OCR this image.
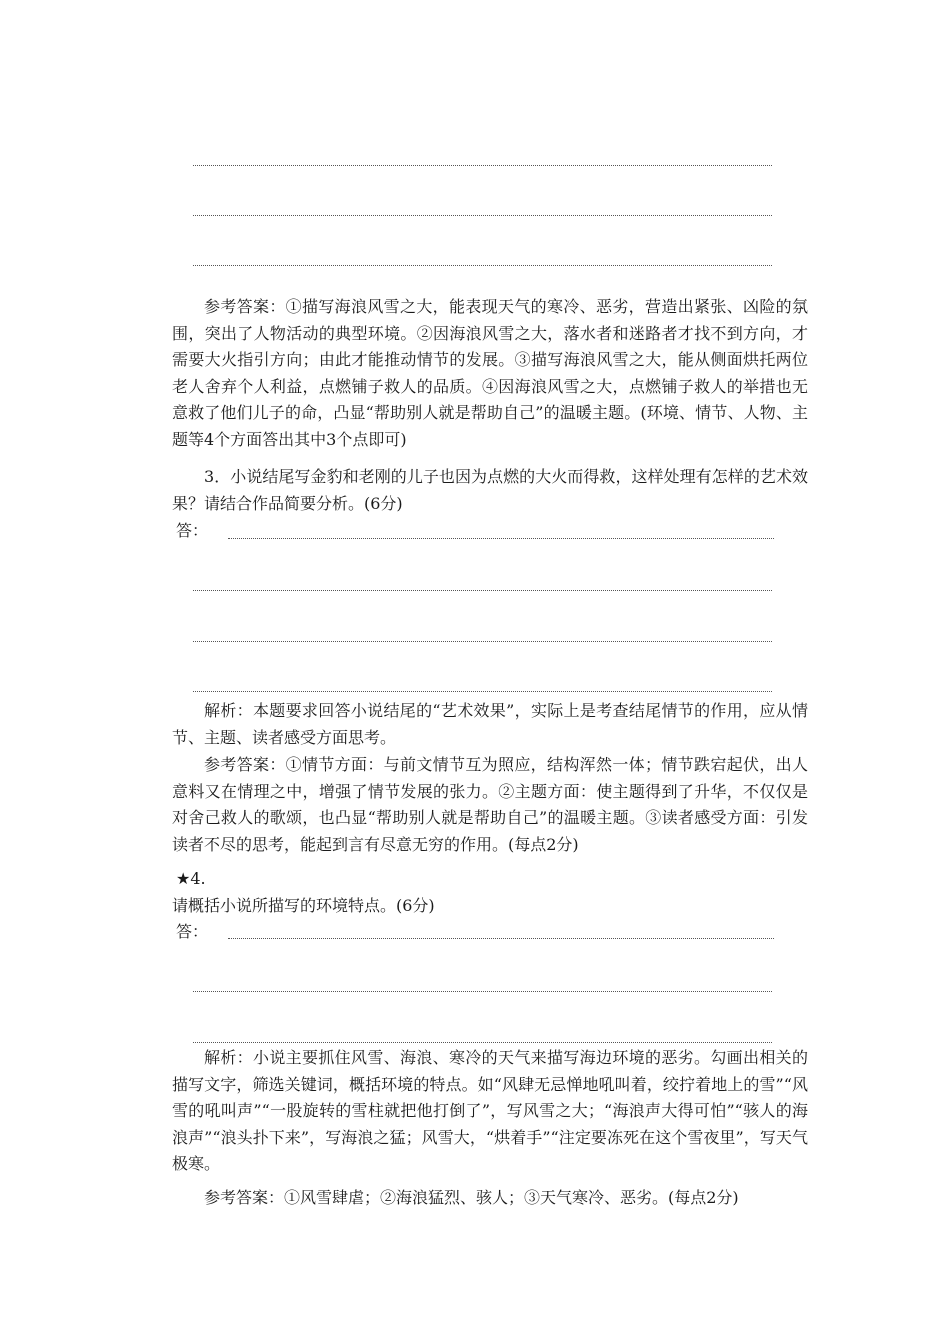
参考答案：①描写海浪风雪之大，能表现天气的寒冷、恶劣，营造出紧张、凶险的氛围，突出了人物活动的典型环境。②因海浪风雪之大，落水者和迷路者才找不到方向，才需要大火指引方向；由此才能推动情节的发展。③描写海浪风雪之大，能从侧面烘托两位老人舍弃个人利益，点燃铺子救人的品质。④因海浪风雪之大，点燃铺子救人的举措也无意救了他们儿子的命，凸显“帮助别人就是帮助自己”的温暖主题。(环境、情节、人物、主题等4个方面答出其中3个点即可)

3．小说结尾写金豹和老刚的儿子也因为点燃的大火而得救，这样处理有怎样的艺术效果？请结合作品简要分析。(6分)

答：

解析：本题要求回答小说结尾的“艺术效果”，实际上是考查结尾情节的作用，应从情节、主题、读者感受方面思考。

参考答案：①情节方面：与前文情节互为照应，结构浑然一体；情节跌宕起伏，出人意料又在情理之中，增强了情节发展的张力。②主题方面：使主题得到了升华，不仅仅是对舍己救人的歌颂，也凸显“帮助别人就是帮助自己”的温暖主题。③读者感受方面：引发读者不尽的思考，能起到言有尽意无穷的作用。(每点2分)

★4.

请概括小说所描写的环境特点。(6分)

答：

解析：小说主要抓住风雪、海浪、寒冷的天气来描写海边环境的恶劣。勾画出相关的描写文字，筛选关键词，概括环境的特点。如“风肆无忌惮地吼叫着，绞拧着地上的雪”“风雪的吼叫声”“一股旋转的雪柱就把他打倒了”，写风雪之大；“海浪声大得可怕”“骇人的海浪声”“浪头扑下来”，写海浪之猛；风雪大，“烘着手”“注定要冻死在这个雪夜里”，写天气极寒。

参考答案：①风雪肆虐；②海浪猛烈、骇人；③天气寒冷、恶劣。(每点2分)
